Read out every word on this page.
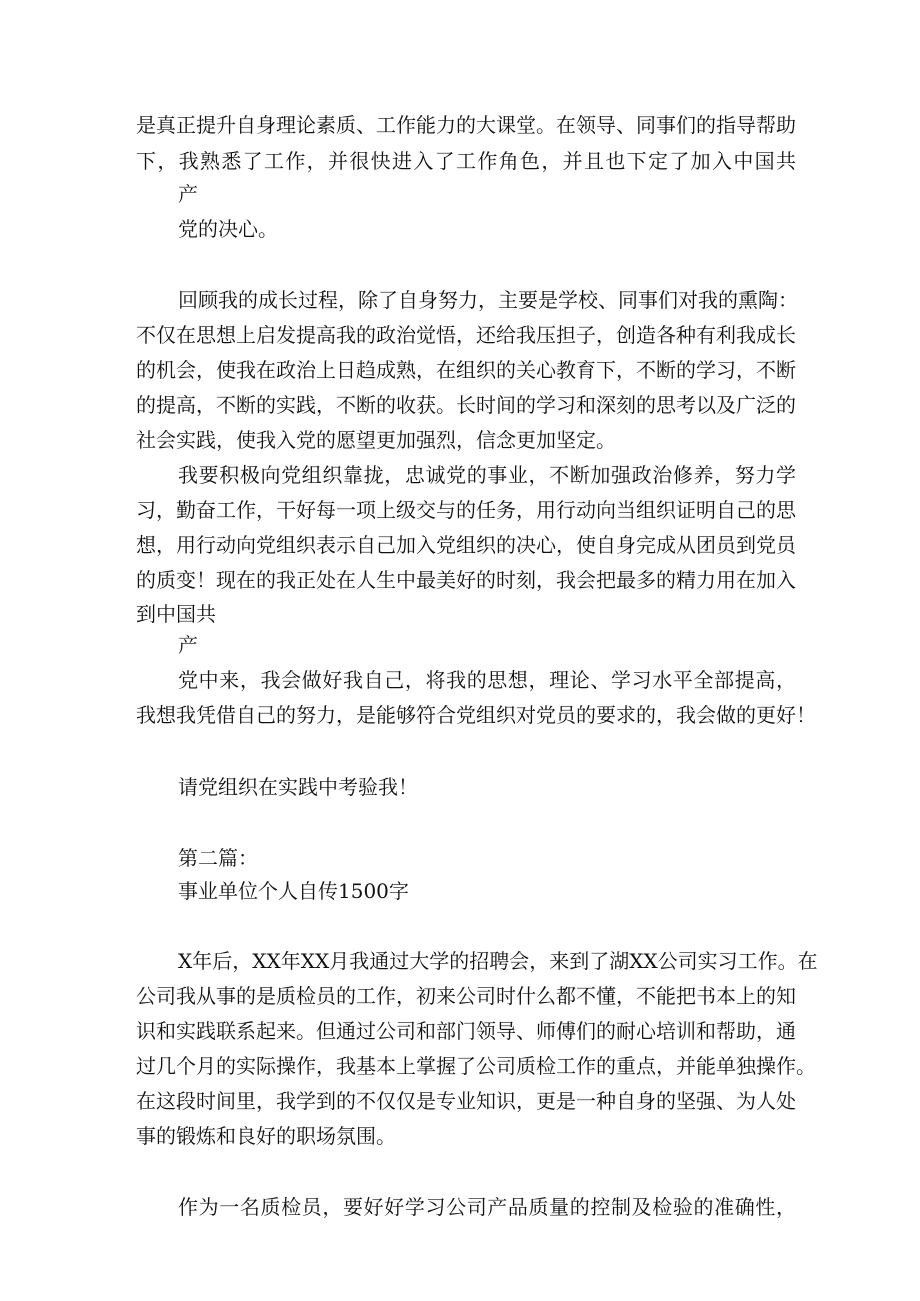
是真正提升自身理论素质、工作能力的大课堂。在领导、同事们的指导帮助
下，我熟悉了工作，并很快进入了工作角色，并且也下定了加入中国共
产
党的决心。
回顾我的成长过程，除了自身努力，主要是学校、同事们对我的熏陶：
不仅在思想上启发提高我的政治觉悟，还给我压担子，创造各种有利我成长
的机会，使我在政治上日趋成熟，在组织的关心教育下，不断的学习，不断
的提高，不断的实践，不断的收获。长时间的学习和深刻的思考以及广泛的
社会实践，使我入党的愿望更加强烈，信念更加坚定。
我要积极向党组织靠拢，忠诚党的事业，不断加强政治修养，努力学
习，勤奋工作，干好每一项上级交与的任务，用行动向当组织证明自己的思
想，用行动向党组织表示自己加入党组织的决心，使自身完成从团员到党员
的质变！现在的我正处在人生中最美好的时刻，我会把最多的精力用在加入
到中国共
产
党中来，我会做好我自己，将我的思想，理论、学习水平全部提高，
我想我凭借自己的努力，是能够符合党组织对党员的要求的，我会做的更好！
请党组织在实践中考验我！
第二篇：
事业单位个人自传1500字
X年后，XX年XX月我通过大学的招聘会，来到了湖XX公司实习工作。在
公司我从事的是质检员的工作，初来公司时什么都不懂，不能把书本上的知
识和实践联系起来。但通过公司和部门领导、师傅们的耐心培训和帮助，通
过几个月的实际操作，我基本上掌握了公司质检工作的重点，并能单独操作。
在这段时间里，我学到的不仅仅是专业知识，更是一种自身的坚强、为人处
事的锻炼和良好的职场氛围。
作为一名质检员，要好好学习公司产品质量的控制及检验的准确性，
